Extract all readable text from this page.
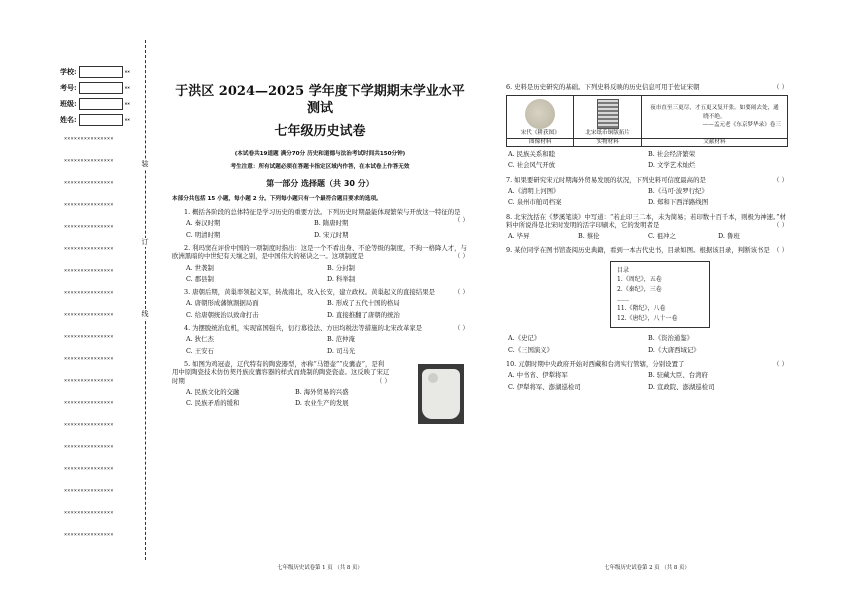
学校:	××
考号:	××
班级:	××
姓名:	××
×××××××××××××××
×××××××××××××××
×××××××××××××××
×××××××××××××××
×××××××××××××××
×××××××××××××××
×××××××××××××××
×××××××××××××××
×××××××××××××××
×××××××××××××××
×××××××××××××××
×××××××××××××××
×××××××××××××××
×××××××××××××××
×××××××××××××××
×××××××××××××××
×××××××××××××××
×××××××××××××××
×××××××××××××××
装
订
线
于洪区 2024—2025 学年度下学期期末学业水平测试
七年级历史试卷
(本试卷共19道题 满分70分 历史和道德与法治考试时间共150分钟)
考生注意：所有试题必须在答题卡指定区域内作答，在本试卷上作答无效
第一部分 选择题（共 30 分）
本部分共包括 15 小题，每小题 2 分。下列每小题只有一个最符合题目要求的选项。
1. 概括各阶段的总体特征是学习历史的重要方法。下列历史时期最能体现繁荣与开放这一特征的是
（ ）
A. 秦汉时期	B. 隋唐时期
C. 明清时期	D. 宋元时期
2. 利玛窦在评价中国的一项制度时指出：这是一个不看出身、不论等级的制度，不拘一格降人才，与欧洲黑暗的中世纪有天壤之别，是中国伟大的秘诀之一。这项制度是	（ ）
A. 世袭制	B. 分封制
C. 郡县制	D. 科举制
3. 唐朝后期，黄巢率领起义军，转战南北，攻入长安，建立政权。黄巢起义的直接结果是	（ ）
A. 唐朝形成藩镇割据局面	B. 形成了五代十国的格局
C. 给唐朝统治以致命打击	D. 直接推翻了唐朝的统治
4. 为摆脱统治危机，实现富国强兵，衍行募役法、方田均税法等措施的北宋改革家是	（ ）
A. 狄仁杰	B. 范仲淹
C. 王安石	D. 司马光
5. 如图为鸡冠壶，辽代特有的陶瓷器型，亦称“马镫壶”“皮囊壶”，是利用中原陶瓷技术仿仿契丹族皮囊容器的样式而烧制的陶瓷瓷壶。这反映了宋辽时期	（ ）
A. 民族文化的交融	B. 海外贸易的兴盛
C. 民族矛盾的缓和	D. 农业生产的发展
七年级历史试卷第 1 页 （共 8 页）
6. 史料是历史研究的基础。下列史料反映的历史信息可用于佐证宋朝	（ ）
宋代《耕获图》	北宋纸币铜版拓片	夜市直至三更尽，才五更又复开张。如要闹去处，通晓不绝。
——孟元老《东京梦华录》卷三

图像材料	实物材料	文献材料
A. 民族关系和睦	B. 社会经济繁荣
C. 社会风气开放	D. 文学艺术灿烂
7. 如果要研究宋元时期海外贸易发展的状况，下列史料可信度最高的是	（ ）
A.《清明上河图》	B.《马可·波罗行纪》
C. 泉州市舶司档案	D. 郑和下西洋路线图
8. 北宋沈括在《梦溪笔谈》中写道：“若止印三二本，未为简易；若印数十百千本，则极为神速。”材料中所说得是北宋时发明的活字印刷术，它的发明者是	（ ）
A. 毕昇	B. 蔡伦	C. 祖冲之	D. 鲁班
9. 某位同学在图书馆查阅历史典籍，看到一本古代史书，目录如图。根据该目录，判断该书是 （ ）
目录
1.《周纪》，五卷
2.《秦纪》，三卷
……
11.《隋纪》，八卷
12.《唐纪》，八十一卷
A.《史记》	B.《资治通鉴》
C.《三国演义》	D.《大唐西域记》
10. 元朝时期中央政府开始对西藏和台湾实行管辖，分别设置了	（ ）
A. 中书省、伊犁将军	B. 驻藏大臣、台湾府
C. 伊犁将军、澎湖巡检司	D. 宣政院、澎湖巡检司
七年级历史试卷第 2 页 （共 8 页）
